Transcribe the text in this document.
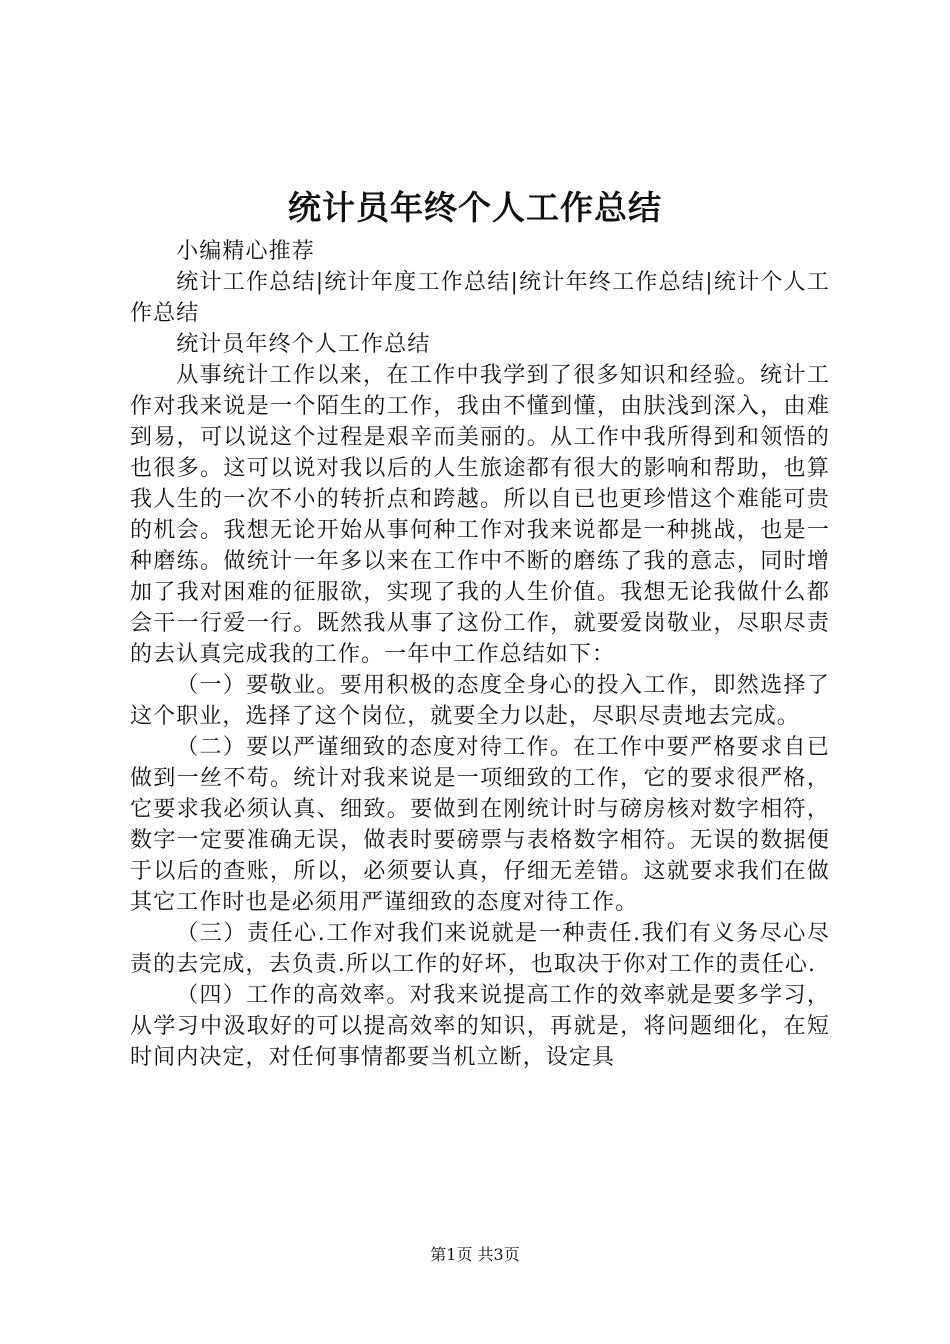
统计员年终个人工作总结

小编精心推荐

统计工作总结|统计年度工作总结|统计年终工作总结|统计个人工作总结

统计员年终个人工作总结

从事统计工作以来，在工作中我学到了很多知识和经验。统计工作对我来说是一个陌生的工作，我由不懂到懂，由肤浅到深入，由难到易，可以说这个过程是艰辛而美丽的。从工作中我所得到和领悟的也很多。这可以说对我以后的人生旅途都有很大的影响和帮助，也算我人生的一次不小的转折点和跨越。所以自已也更珍惜这个难能可贵的机会。我想无论开始从事何种工作对我来说都是一种挑战，也是一种磨练。做统计一年多以来在工作中不断的磨练了我的意志，同时增加了我对困难的征服欲，实现了我的人生价值。我想无论我做什么都会干一行爱一行。既然我从事了这份工作，就要爱岗敬业，尽职尽责的去认真完成我的工作。一年中工作总结如下：

（一）要敬业。要用积极的态度全身心的投入工作，即然选择了这个职业，选择了这个岗位，就要全力以赴，尽职尽责地去完成。

（二）要以严谨细致的态度对待工作。在工作中要严格要求自已做到一丝不苟。统计对我来说是一项细致的工作，它的要求很严格，它要求我必须认真、细致。要做到在刚统计时与磅房核对数字相符，数字一定要准确无误，做表时要磅票与表格数字相符。无误的数据便于以后的查账，所以，必须要认真，仔细无差错。这就要求我们在做其它工作时也是必须用严谨细致的态度对待工作。

（三）责任心.工作对我们来说就是一种责任.我们有义务尽心尽责的去完成，去负责.所以工作的好坏，也取决于你对工作的责任心.

（四）工作的高效率。对我来说提高工作的效率就是要多学习，从学习中汲取好的可以提高效率的知识，再就是，将问题细化，在短时间内决定，对任何事情都要当机立断，设定具

第1页 共3页
